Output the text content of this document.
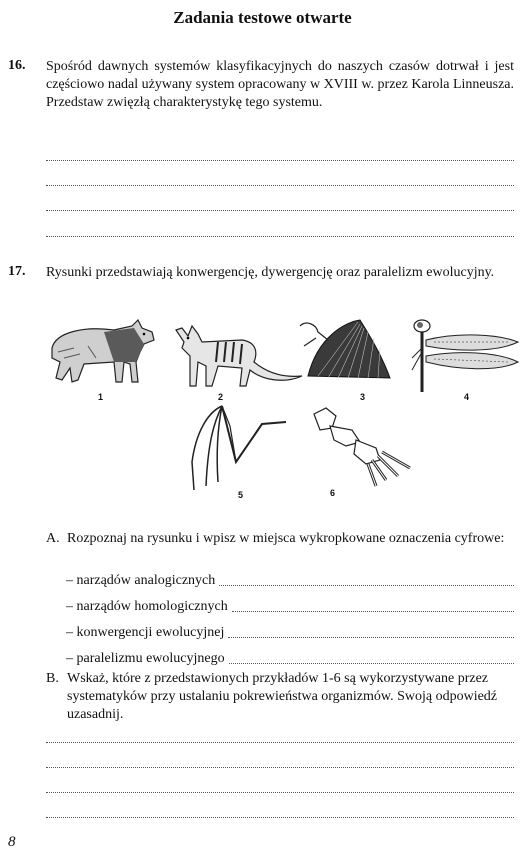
Zadania testowe otwarte
16. Spośród dawnych systemów klasyfikacyjnych do naszych czasów dotrwał i jest częściowo nadal używany system opracowany w XVIII w. przez Karola Linneusza. Przedstaw zwięzłą charakterystykę tego systemu.
17. Rysunki przedstawiają konwergencję, dywergencję oraz paralelizm ewolucyjny.
1	2	3	4
5	6
A. Rozpoznaj na rysunku i wpisz w miejsca wykropkowane oznaczenia cyfrowe:
– narządów analogicznych
– narządów homologicznych
– konwergencji ewolucyjnej
– paralelizmu ewolucyjnego
B. Wskaż, które z przedstawionych przykładów 1-6 są wykorzystywane przez systematyków przy ustalaniu pokrewieństwa organizmów. Swoją odpowiedź uzasadnij.
8
